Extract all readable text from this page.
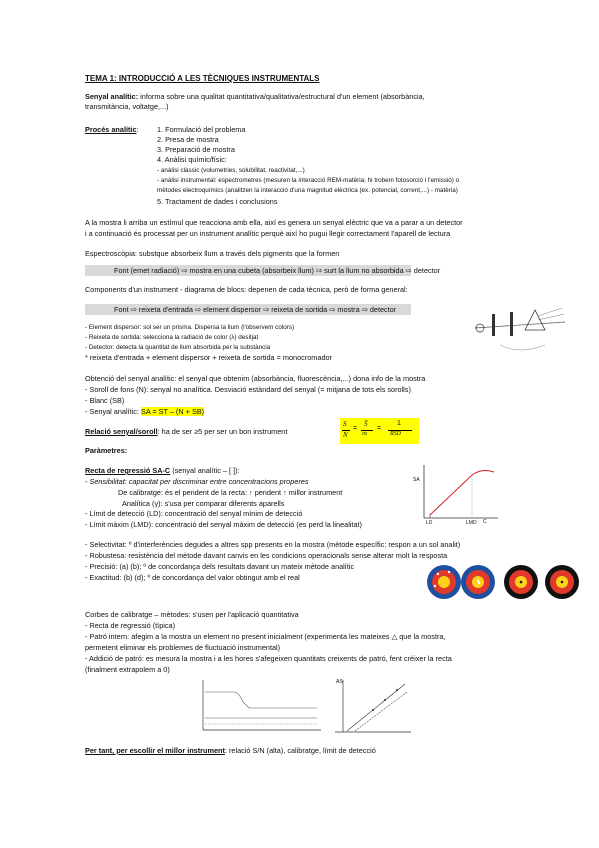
TEMA 1: INTRODUCCIÓ A LES TÈCNIQUES INSTRUMENTALS
Senyal analític: informa sobre una qualitat quantitativa/qualitativa/estructural d'un element (absorbància,
transmitància, voltatge,...)
Procés analític:	1. Formulació del problema
2. Presa de mostra
3. Preparació de mostra
4. Anàlisi químic/físic:
- anàlisi clàssic (volumetries, solubilitat, reactivitat,...)
- anàlisi instrumental: espectrometres (mesuren la interacció REM-matèria; hi trobem fotosorció i l'emissió) o
mètodes electroquímics (analitzen la interacció d'una magnitud elèctrica (ex. potencial, corrent,...) - matèria)
5. Tractament de dades i conclusions
A la mostra li arriba un estímul que reacciona amb ella, així es genera un senyal elèctric que va a parar a un detector
i a continuació és processat per un instrument analític perquè així ho pugui llegir correctament l'aparell de lectura
Espectroscòpia: substque absorbeix llum a través dels pigments que la formen
Font (emet radiació) ⇨ mostra en una cubeta (absorbeix llum) ⇨ surt la llum no absorbida ⇨ detector
Components d'un instrument - diagrama de blocs: depenen de cada tècnica, però de forma general:
Font ⇨ reixeta d'entrada ⇨ element dispersor ⇨ reixeta de sortida ⇨ mostra ⇨ detector
- Element dispersor: sol ser un prisma. Dispersa la llum (l'observem colors)
- Reixeta de sortida: selecciona la radiació de color (λ) desitjat
- Detector: detecta la quantitat de llum absorbida per la substància
* reixeta d'entrada + element dispersor + reixeta de sortida = monocromador
Obtenció del senyal analític: el senyal que obtenim (absorbància, fluorescència,...) dona info de la mostra
- Soroll de fons (N): senyal no analítica. Desviació estàndard del senyal (= mitjana de tots els sorolls)
- Blanc (SB)
- Senyal analític: SA = ST – (N + SB)
Relació senyal/soroll: ha de ser ≥5 per ser un bon instrument
S
N
=
S̄
σs
=
1
RSD
Paràmetres:
Recta de regressió SA-C (senyal analític – [ ]):
- Sensibilitat: capacitat per discriminar entre concentracions properes
De calibratge: és el pendent de la recta: ↑ pendent ↑ millor instrument
Analítica (γ): s'usa per comparar diferents aparells
- Límit de detecció (LD): concentració del senyal mínim de detecció
- Límit màxim (LMD): concentració del senyal màxim de detecció (es perd la linealitat)
SA
C
LD	LMD
- Selectivitat: º d'interferències degudes a altres spp presents en la mostra (mètode específic: respon a un sol analit)
- Robustesa: resistència del mètode davant canvis en les condicions operacionals sense alterar molt la resposta
- Precisió: (a) (b); º de concordança dels resultats davant un mateix mètode analític
- Exactitud: (b) (d); º de concordança del valor obtingut amb el real
Corbes de calibratge – mètodes: s'usen per l'aplicació quantitativa
- Recta de regressió (típica)
- Patró intern: afegim a la mostra un element no present inicialment (experimenta les mateixes △ que la mostra,
permetent eliminar els problemes de fluctuació instrumental)
- Addició de patró: es mesura la mostra i a les hores s'afegeixen quantitats creixents de patró, fent créixer la recta
(finalment extrapolem a 0)
AS
Per tant, per escollir el millor instrument: relació S/N (alta), calibratge, límit de detecció
